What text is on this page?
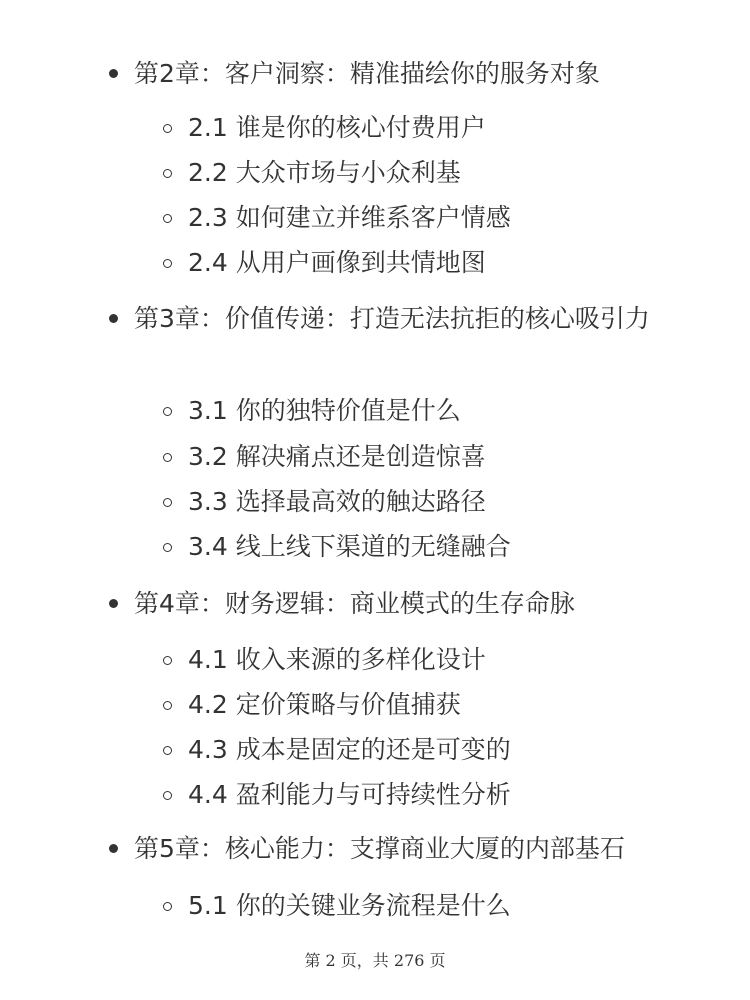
第2章：客户洞察：精准描绘你的服务对象
2.1 谁是你的核心付费用户
2.2 大众市场与小众利基
2.3 如何建立并维系客户情感
2.4 从用户画像到共情地图
第3章：价值传递：打造无法抗拒的核心吸引力
3.1 你的独特价值是什么
3.2 解决痛点还是创造惊喜
3.3 选择最高效的触达路径
3.4 线上线下渠道的无缝融合
第4章：财务逻辑：商业模式的生存命脉
4.1 收入来源的多样化设计
4.2 定价策略与价值捕获
4.3 成本是固定的还是可变的
4.4 盈利能力与可持续性分析
第5章：核心能力：支撑商业大厦的内部基石
5.1 你的关键业务流程是什么
第 2 页，共 276 页
